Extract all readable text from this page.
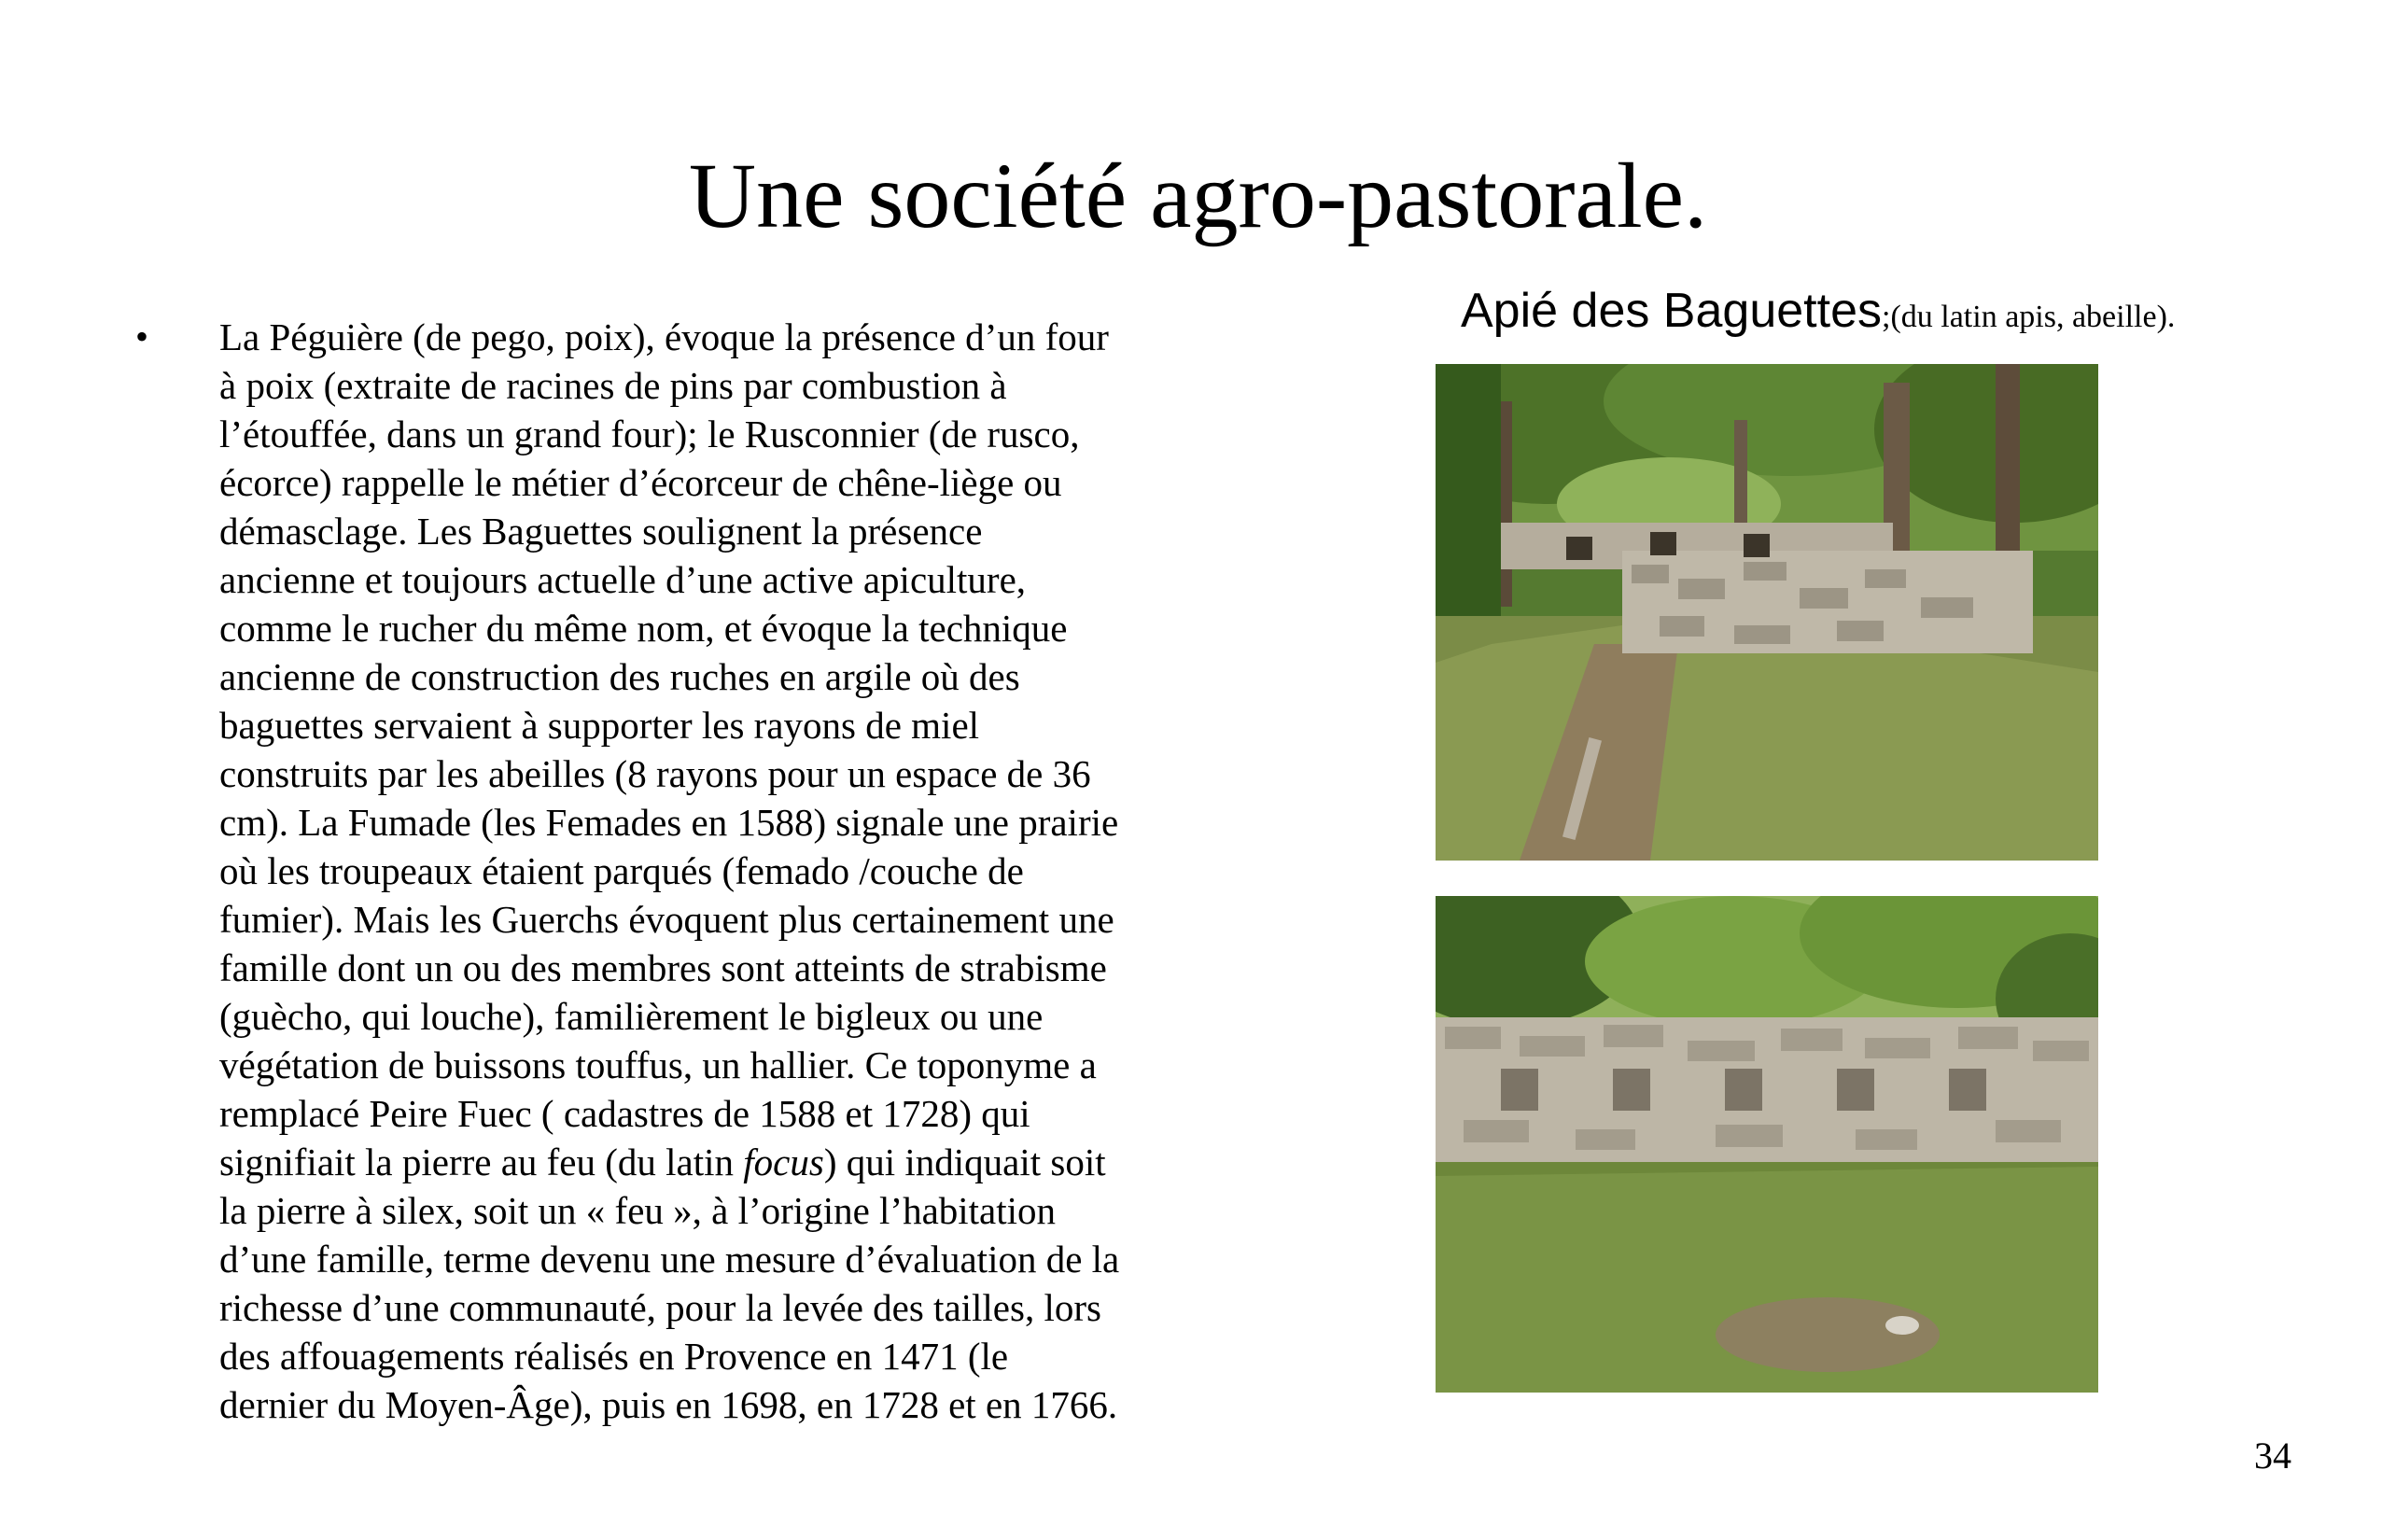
Une société agro-pastorale.
• La Péguière (de pego, poix), évoque la présence d’un four
à poix (extraite de racines de pins par combustion à
l’étouffée, dans un grand four); le Rusconnier (de rusco,
écorce) rappelle le métier d’écorceur de chêne-liège ou
démasclage. Les Baguettes soulignent la présence
ancienne et toujours actuelle d’une active apiculture,
comme le rucher du même nom, et évoque la technique
ancienne de construction des ruches en argile où des
baguettes servaient à supporter les rayons de miel
construits par les abeilles (8 rayons pour un espace de 36
cm). La Fumade (les Femades en 1588) signale une prairie
où les troupeaux étaient parqués (femado /couche de
fumier). Mais les Guerchs évoquent plus certainement une
famille dont un ou des membres sont atteints de strabisme
(guècho, qui louche), familièrement le bigleux ou une
végétation de buissons touffus, un hallier. Ce toponyme a
remplacé Peire Fuec ( cadastres de 1588 et 1728) qui
signifiait la pierre au feu (du latin focus) qui indiquait soit
la pierre à silex, soit un « feu », à l’origine l’habitation
d’une famille, terme devenu une mesure d’évaluation de la
richesse d’une communauté, pour la levée des tailles, lors
des affouagements réalisés en Provence en 1471 (le
dernier du Moyen-Âge), puis en 1698, en 1728 et en 1766.
Apié des Baguettes;(du latin apis, abeille).
34
